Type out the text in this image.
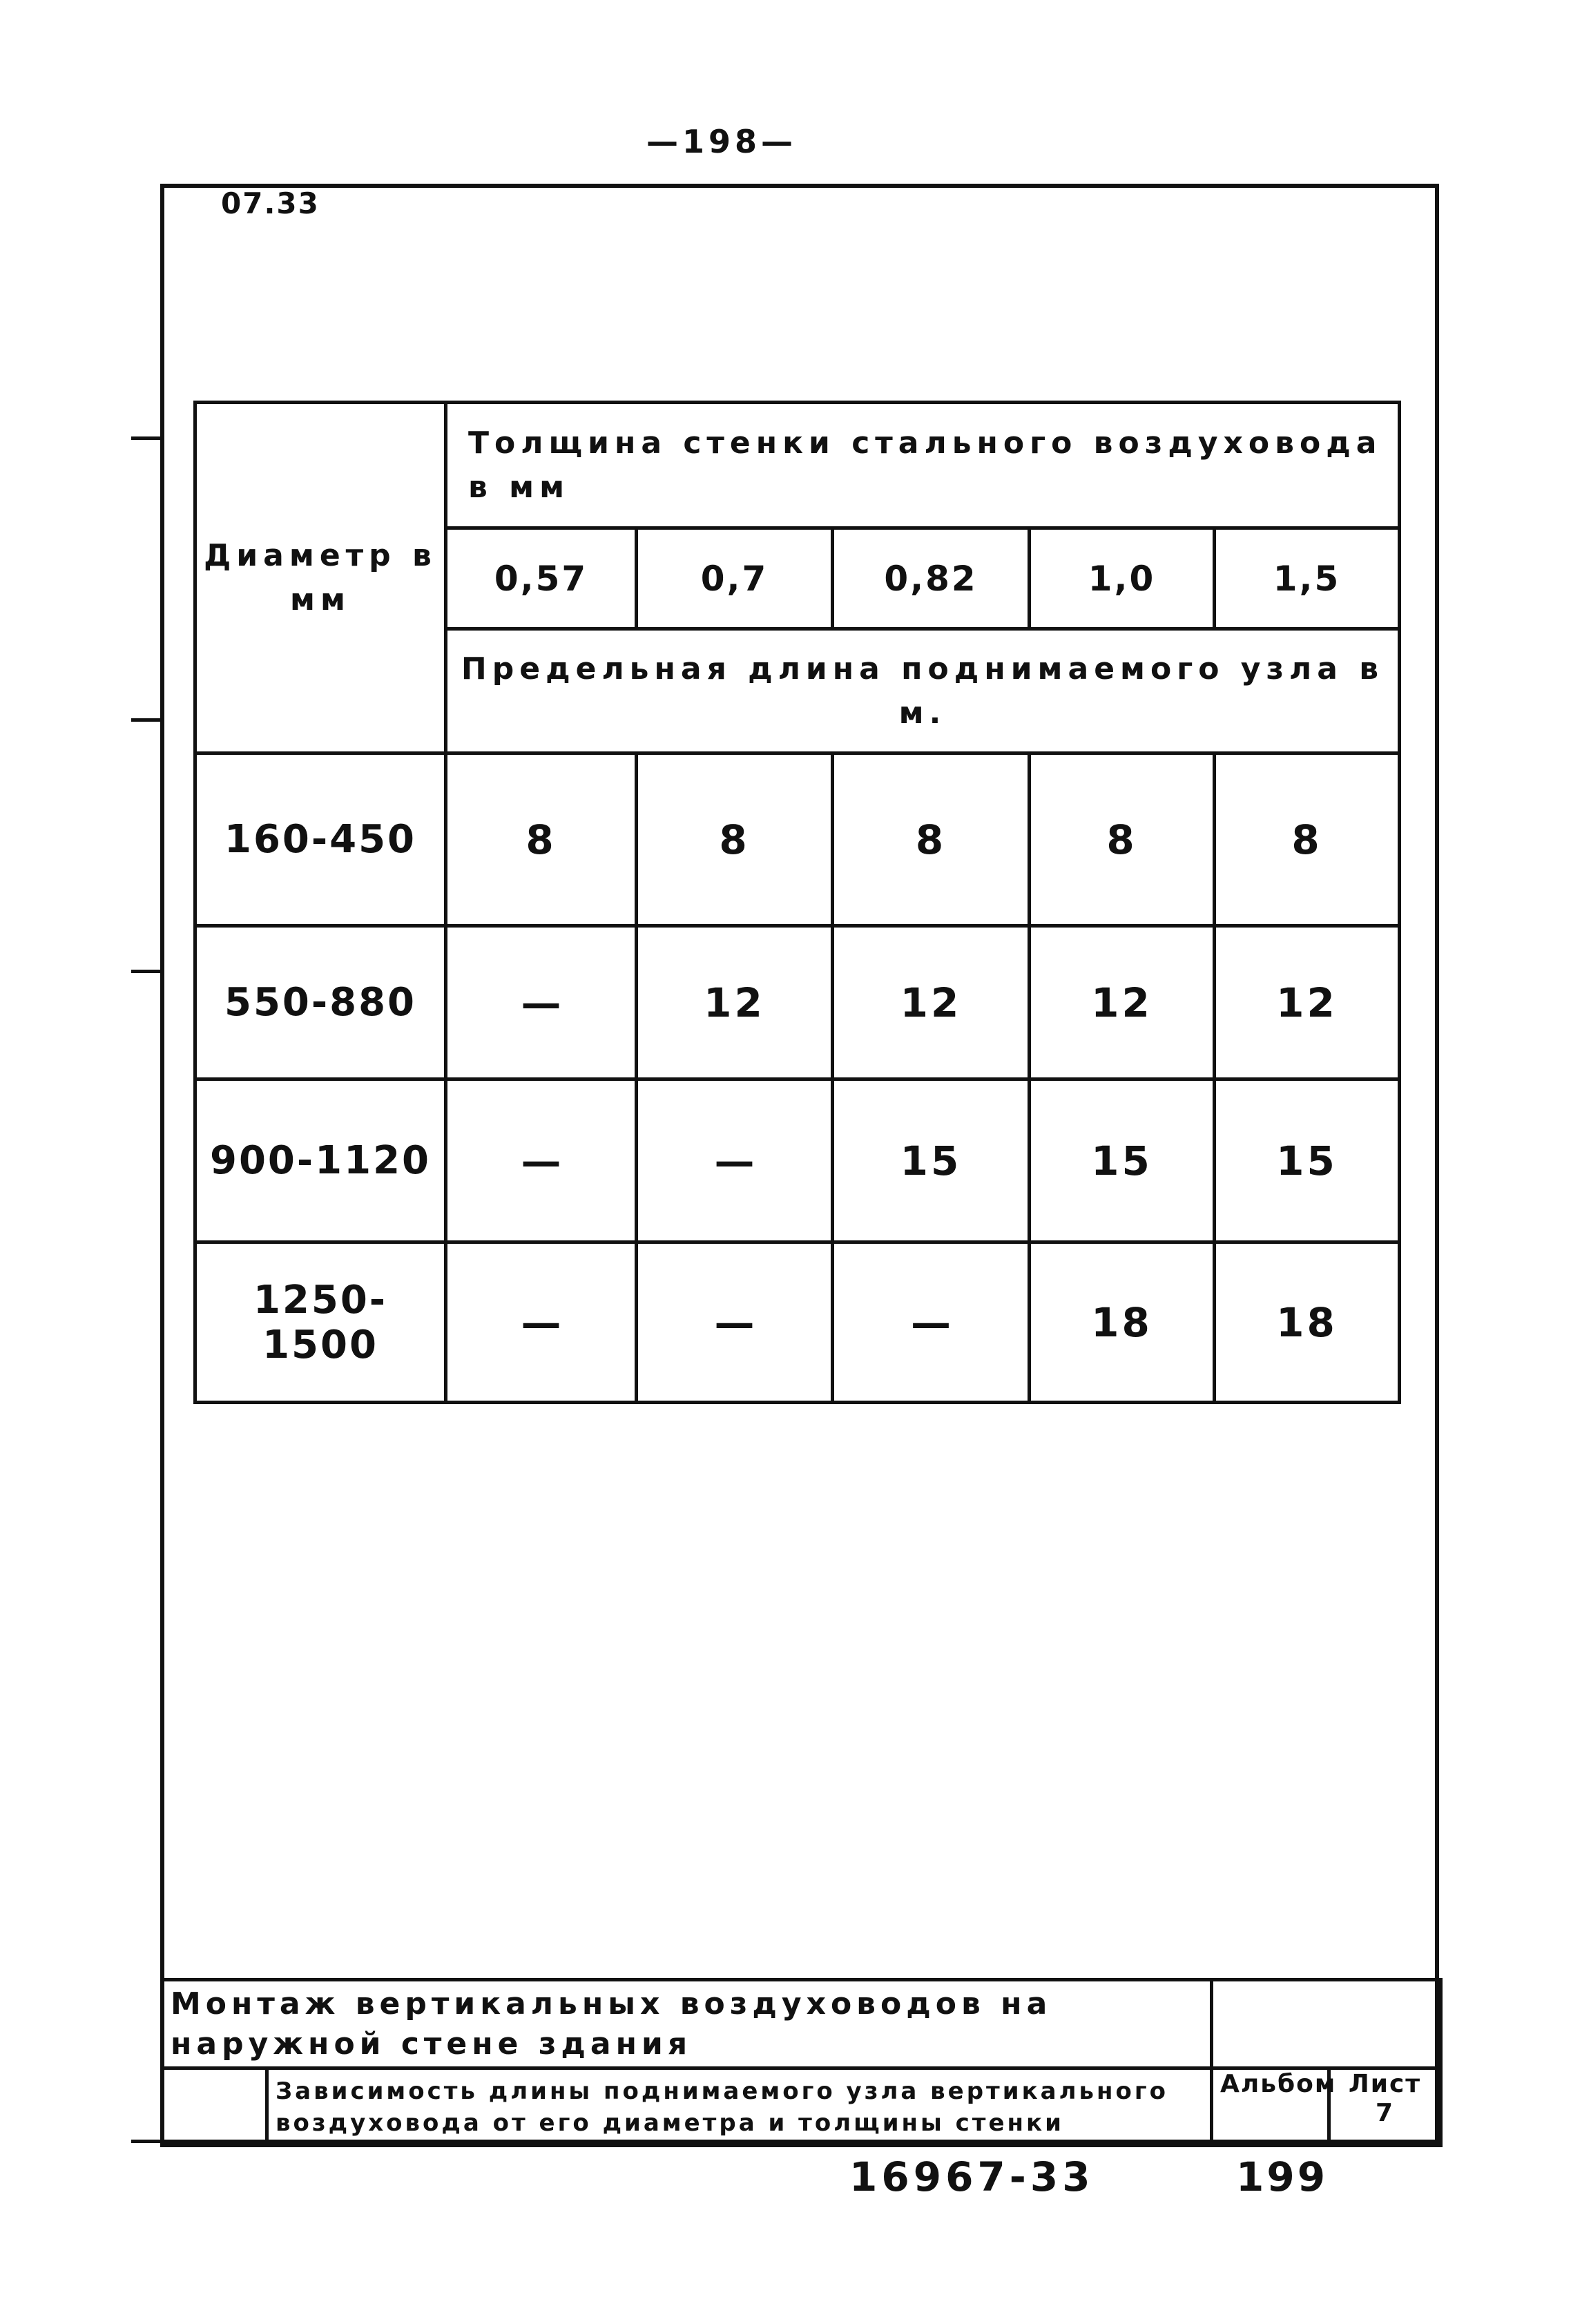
—198—
07.33
Диаметр в мм	Толщина стенки стального воздуховода в мм				
	0,57	0,7	0,82	1,0	1,5
	Предельная длина поднимаемого узла в м.				
160-450	8	8	8	8	8
550-880	—	12	12	12	12
900-1120	—	—	15	15	15
1250-1500	—	—	—	18	18
Монтаж вертикальных воздуховодов на наружной стене здания			
	Зависимость длины поднимаемого узла вертикального воздуховода от его диаметра и толщины стенки	Альбом	Лист
7
16967-33	199
